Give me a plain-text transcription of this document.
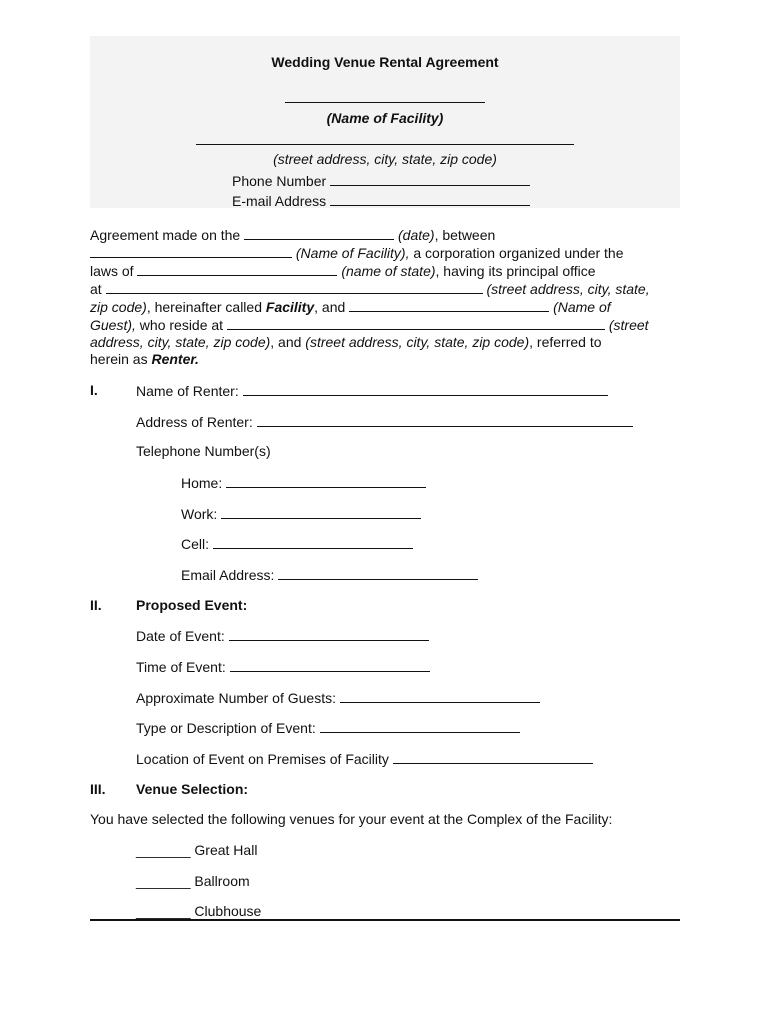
Wedding Venue Rental Agreement
(Name of Facility)
(street address, city, state, zip code)
Phone Number
E-mail Address
Agreement made on the	(date), between
(Name of Facility), a corporation organized under the
laws of	(name of state), having its principal office
at	(street address, city, state,
zip code), hereinafter called Facility, and	(Name of
Guest), who reside at	(street
address, city, state, zip code), and (street address, city, state, zip code), referred to
herein as Renter.
I.	Name of Renter:
Address of Renter:
Telephone Number(s)
Home:
Work:
Cell:
Email Address:
II. Proposed Event:
Date of Event:
Time of Event:
Approximate Number of Guests:
Type or Description of Event:
Location of Event on Premises of Facility
III. Venue Selection:
You have selected the following venues for your event at the Complex of the Facility:
_______ Great Hall
_______ Ballroom
_______ Clubhouse
